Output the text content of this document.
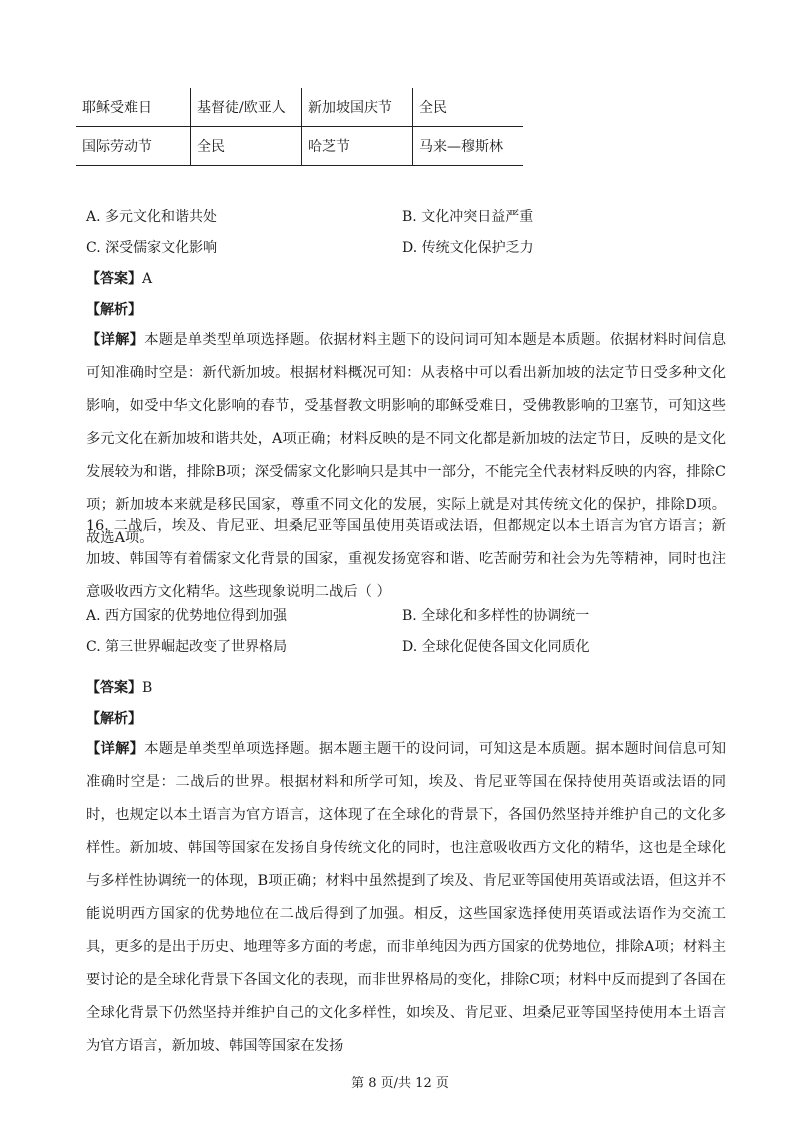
耶稣受难日	基督徒/欧亚人	新加坡国庆节	全民
国际劳动节	全民	哈芝节	马来—穆斯林
A. 多元文化和谐共处	B. 文化冲突日益严重
C. 深受儒家文化影响	D. 传统文化保护乏力
【答案】A
【解析】
【详解】本题是单类型单项选择题。依据材料主题下的设问词可知本题是本质题。依据材料时间信息可知准确时空是：新代新加坡。根据材料概况可知：从表格中可以看出新加坡的法定节日受多种文化影响，如受中华文化影响的春节，受基督教文明影响的耶稣受难日，受佛教影响的卫塞节，可知这些多元文化在新加坡和谐共处，A项正确；材料反映的是不同文化都是新加坡的法定节日，反映的是文化发展较为和谐，排除B项；深受儒家文化影响只是其中一部分，不能完全代表材料反映的内容，排除C项；新加坡本来就是移民国家，尊重不同文化的发展，实际上就是对其传统文化的保护，排除D项。故选A项。
16. 二战后，埃及、肯尼亚、坦桑尼亚等国虽使用英语或法语，但都规定以本土语言为官方语言；新加坡、韩国等有着儒家文化背景的国家，重视发扬宽容和谐、吃苦耐劳和社会为先等精神，同时也注意吸收西方文化精华。这些现象说明二战后（ ）
A. 西方国家的优势地位得到加强	B. 全球化和多样性的协调统一
C. 第三世界崛起改变了世界格局	D. 全球化促使各国文化同质化
【答案】B
【解析】
【详解】本题是单类型单项选择题。据本题主题干的设问词，可知这是本质题。据本题时间信息可知准确时空是：二战后的世界。根据材料和所学可知，埃及、肯尼亚等国在保持使用英语或法语的同时，也规定以本土语言为官方语言，这体现了在全球化的背景下，各国仍然坚持并维护自己的文化多样性。新加坡、韩国等国家在发扬自身传统文化的同时，也注意吸收西方文化的精华，这也是全球化与多样性协调统一的体现，B项正确；材料中虽然提到了埃及、肯尼亚等国使用英语或法语，但这并不能说明西方国家的优势地位在二战后得到了加强。相反，这些国家选择使用英语或法语作为交流工具，更多的是出于历史、地理等多方面的考虑，而非单纯因为西方国家的优势地位，排除A项；材料主要讨论的是全球化背景下各国文化的表现，而非世界格局的变化，排除C项；材料中反而提到了各国在全球化背景下仍然坚持并维护自己的文化多样性，如埃及、肯尼亚、坦桑尼亚等国坚持使用本土语言为官方语言，新加坡、韩国等国家在发扬
第 8 页/共 12 页
